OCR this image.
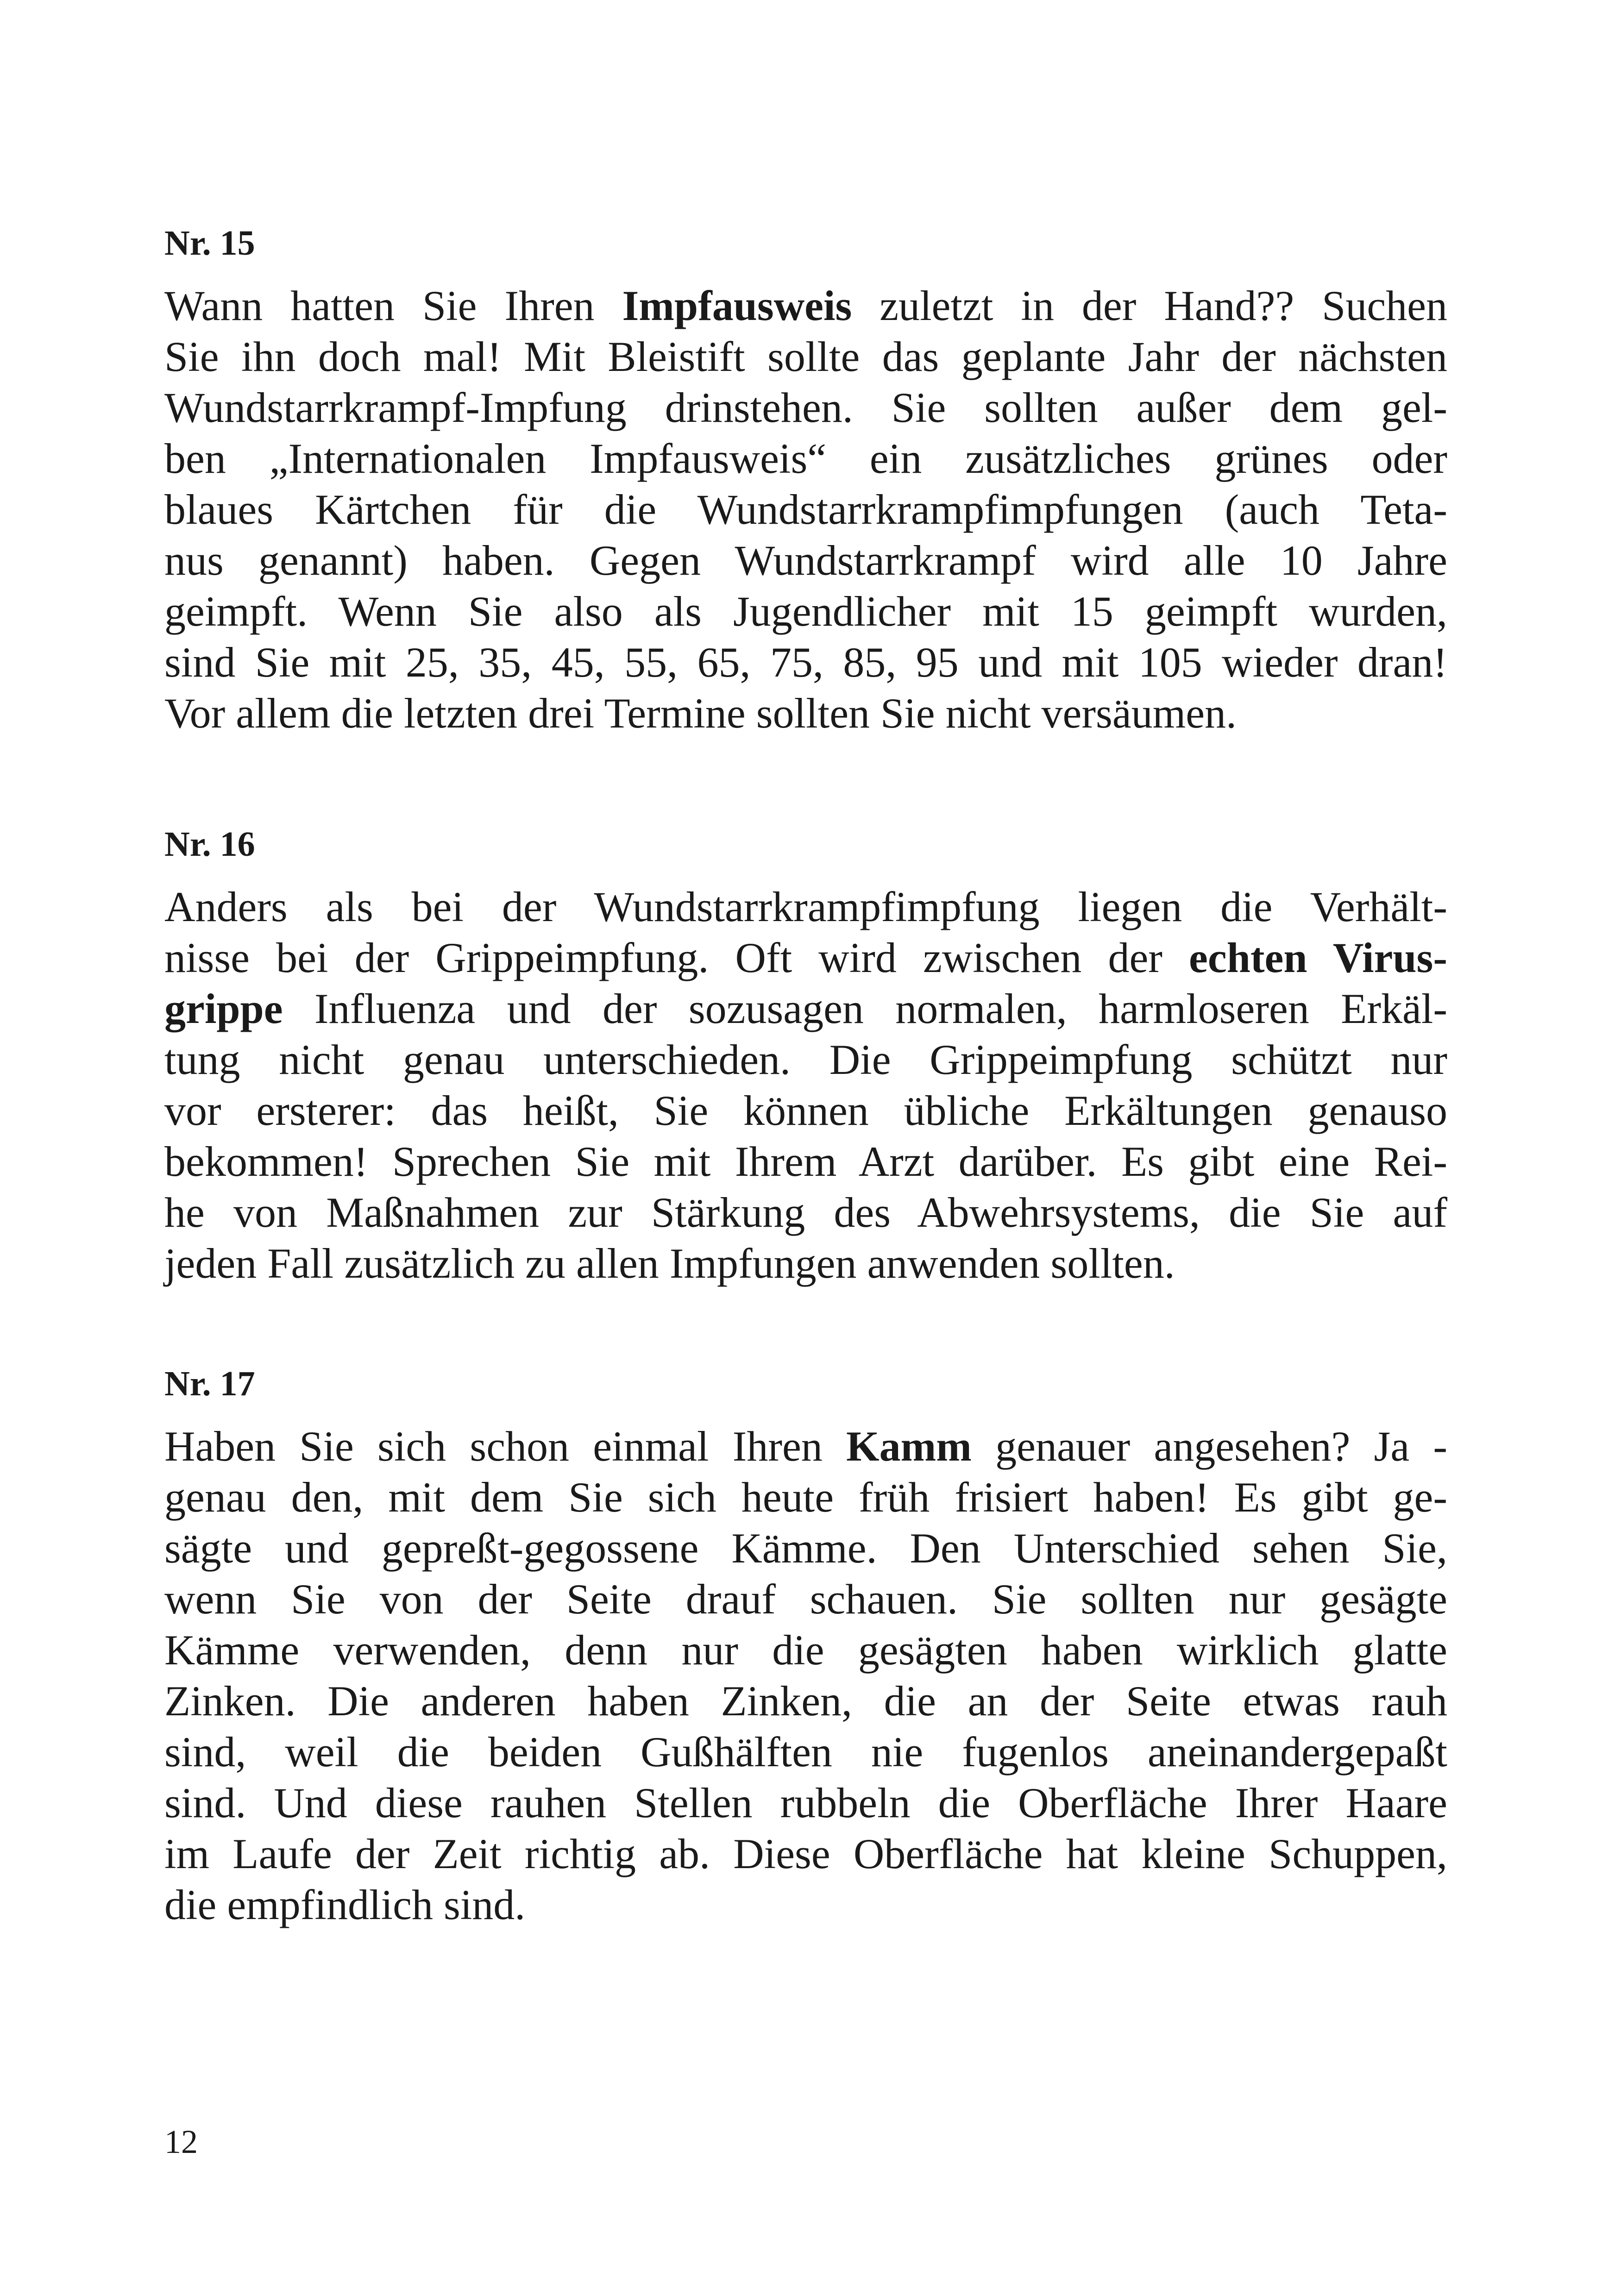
Nr. 15

Wann hatten Sie Ihren Impfausweis zuletzt in der Hand?? Suchen
Sie ihn doch mal! Mit Bleistift sollte das geplante Jahr der nächsten
Wundstarrkrampf-Impfung drinstehen. Sie sollten außer dem gel-
ben „Internationalen Impfausweis“ ein zusätzliches grünes oder
blaues Kärtchen für die Wundstarrkrampfimpfungen (auch Teta-
nus genannt) haben. Gegen Wundstarrkrampf wird alle 10 Jahre
geimpft. Wenn Sie also als Jugendlicher mit 15 geimpft wurden,
sind Sie mit 25, 35, 45, 55, 65, 75, 85, 95 und mit 105 wieder dran!
Vor allem die letzten drei Termine sollten Sie nicht versäumen.

Nr. 16

Anders als bei der Wundstarrkrampfimpfung liegen die Verhält-
nisse bei der Grippeimpfung. Oft wird zwischen der echten Virus-
grippe Influenza und der sozusagen normalen, harmloseren Erkäl-
tung nicht genau unterschieden. Die Grippeimpfung schützt nur
vor ersterer: das heißt, Sie können übliche Erkältungen genauso
bekommen! Sprechen Sie mit Ihrem Arzt darüber. Es gibt eine Rei-
he von Maßnahmen zur Stärkung des Abwehrsystems, die Sie auf
jeden Fall zusätzlich zu allen Impfungen anwenden sollten.

Nr. 17

Haben Sie sich schon einmal Ihren Kamm genauer angesehen? Ja -
genau den, mit dem Sie sich heute früh frisiert haben! Es gibt ge-
sägte und gepreßt-gegossene Kämme. Den Unterschied sehen Sie,
wenn Sie von der Seite drauf schauen. Sie sollten nur gesägte
Kämme verwenden, denn nur die gesägten haben wirklich glatte
Zinken. Die anderen haben Zinken, die an der Seite etwas rauh
sind, weil die beiden Gußhälften nie fugenlos aneinandergepaßt
sind. Und diese rauhen Stellen rubbeln die Oberfläche Ihrer Haare
im Laufe der Zeit richtig ab. Diese Oberfläche hat kleine Schuppen,
die empfindlich sind.

12
